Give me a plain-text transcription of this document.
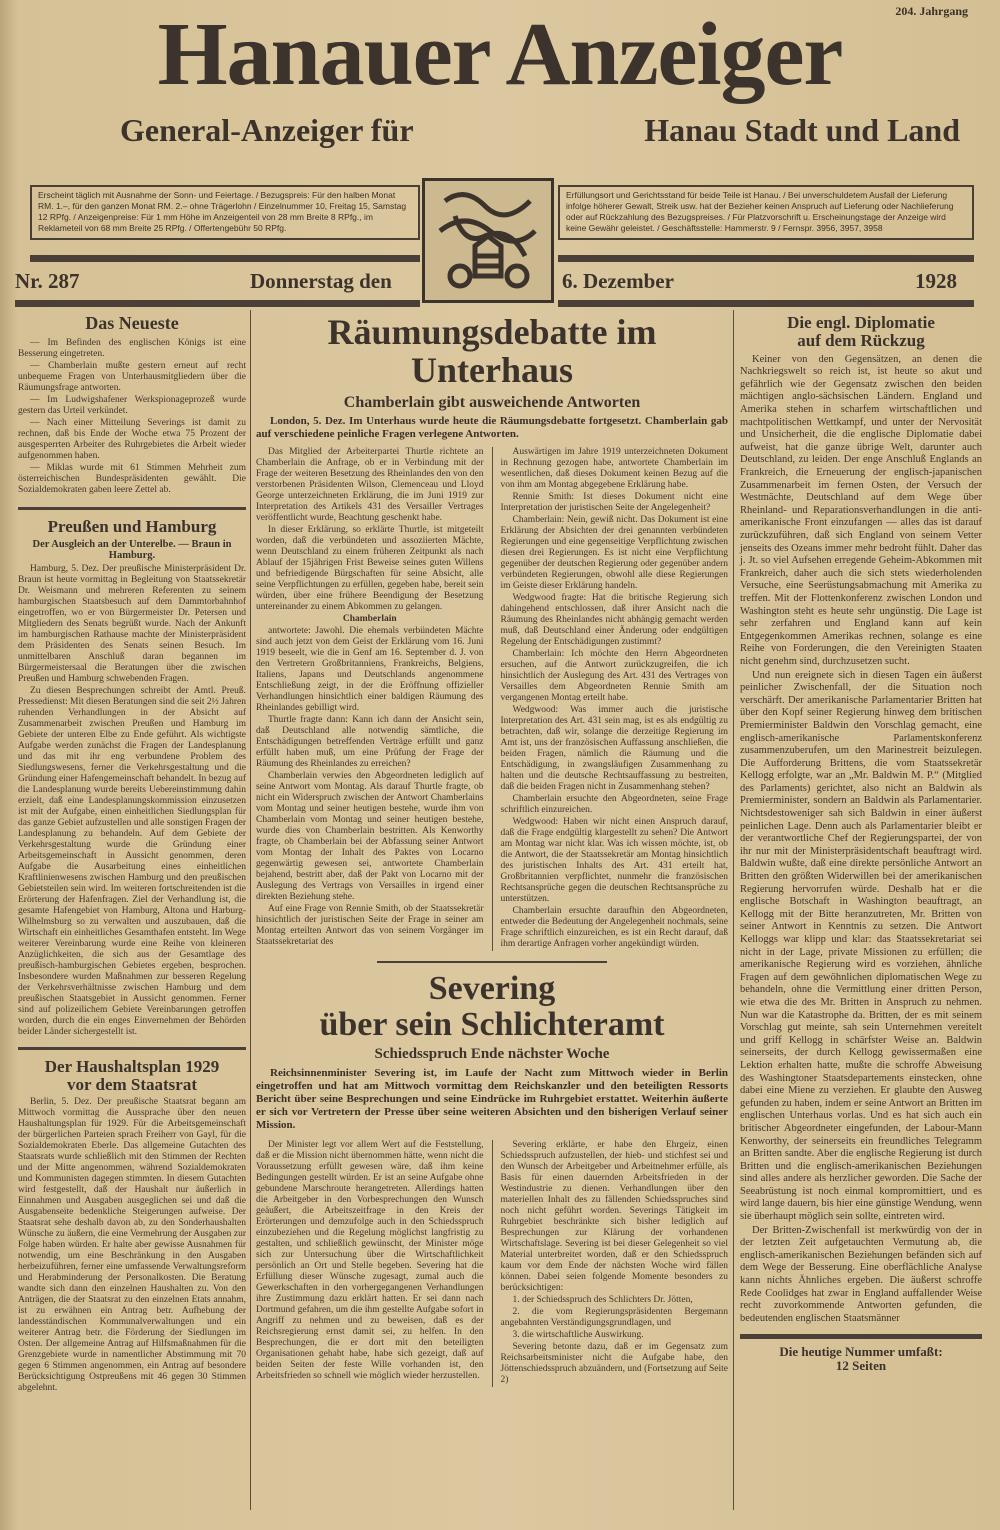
204. Jahrgang
Hanauer Anzeiger
General-Anzeiger für	Hanau Stadt und Land
Erscheint täglich mit Ausnahme der Sonn- und Feiertage. / Bezugspreis: Für den halben Monat RM. 1.–, für den ganzen Monat RM. 2.– ohne Trägerlohn / Einzelnummer 10, Freitag 15, Samstag 12 RPfg. / Anzeigenpreise: Für 1 mm Höhe im Anzeigenteil von 28 mm Breite 8 RPfg., im Reklameteil von 68 mm Breite 25 RPfg. / Offertengebühr 50 RPfg.
Erfüllungsort und Gerichtsstand für beide Teile ist Hanau. / Bei unverschuldetem Ausfall der Lieferung infolge höherer Gewalt, Streik usw. hat der Bezieher keinen Anspruch auf Lieferung oder Nachlieferung oder auf Rückzahlung des Bezugspreises. / Für Platzvorschrift u. Erscheinungstage der Anzeige wird keine Gewähr geleistet. / Geschäftsstelle: Hammerstr. 9 / Fernspr. 3956, 3957, 3958
Nr. 287	Donnerstag den	6. Dezember	1928
Das Neueste

— Im Befinden des englischen Königs ist eine Besserung eingetreten.

— Chamberlain mußte gestern erneut auf recht unbequeme Fragen von Unterhausmitgliedern über die Räumungsfrage antworten.

— Im Ludwigshafener Werkspionageprozeß wurde gestern das Urteil verkündet.

— Nach einer Mitteilung Severings ist damit zu rechnen, daß bis Ende der Woche etwa 75 Prozent der ausgesperrten Arbeiter des Ruhrgebietes die Arbeit wieder aufgenommen haben.

— Miklas wurde mit 61 Stimmen Mehrheit zum österreichischen Bundespräsidenten gewählt. Die Sozialdemokraten gaben leere Zettel ab.

Preußen und Hamburg
Der Ausgleich an der Unterelbe. — Braun in Hamburg.

Hamburg, 5. Dez. Der preußische Ministerpräsident Dr. Braun ist heute vormittag in Begleitung von Staatssekretär Dr. Weismann und mehreren Referenten zu seinem hamburgischen Staatsbesuch auf dem Dammtorbahnhof eingetroffen, wo er von Bürgermeister Dr. Petersen und Mitgliedern des Senats begrüßt wurde. Nach der Ankunft im hamburgischen Rathause machte der Ministerpräsident dem Präsidenten des Senats seinen Besuch. Im unmittelbaren Anschluß daran begannen im Bürgermeistersaal die Beratungen über die zwischen Preußen und Hamburg schwebenden Fragen.

Zu diesen Besprechungen schreibt der Amtl. Preuß. Pressedienst: Mit diesen Beratungen sind die seit 2½ Jahren ruhenden Verhandlungen in der Absicht auf Zusammenarbeit zwischen Preußen und Hamburg im Gebiete der unteren Elbe zu Ende geführt. Als wichtigste Aufgabe werden zunächst die Fragen der Landesplanung und das mit ihr eng verbundene Problem des Siedlungswesens, ferner die Verkehrsgestaltung und die Gründung einer Hafengemeinschaft behandelt. In bezug auf die Landesplanung wurde bereits Uebereinstimmung dahin erzielt, daß eine Landesplanungskommission einzusetzen ist mit der Aufgabe, einen einheitlichen Siedlungsplan für das ganze Gebiet aufzustellen und alle sonstigen Fragen der Landesplanung zu behandeln. Auf dem Gebiete der Verkehrsgestaltung wurde die Gründung einer Arbeitsgemeinschaft in Aussicht genommen, deren Aufgabe die Ausarbeitung eines einheitlichen Kraftlinienwesens zwischen Hamburg und den preußischen Gebietsteilen sein wird. Im weiteren fortschreitenden ist die Erörterung der Hafenfragen. Ziel der Verhandlung ist, die gesamte Hafengebiet von Hamburg, Altona und Harburg-Wilhelmsburg so zu verwalten und auszubauen, daß die Wirtschaft ein einheitliches Gesamthafen entsteht. Im Wege weiterer Vereinbarung wurde eine Reihe von kleineren Anzüglichkeiten, die sich aus der Gesamtlage des preußisch-hamburgischen Gebietes ergeben, besprochen. Insbesondere wurden Maßnahmen zur besseren Regelung der Verkehrsverhältnisse zwischen Hamburg und dem preußischen Staatsgebiet in Aussicht genommen. Ferner sind auf polizeilichem Gebiete Vereinbarungen getroffen worden, durch die ein enges Einvernehmen der Behörden beider Länder sichergestellt ist.

Der Haushaltsplan 1929
vor dem Staatsrat

Berlin, 5. Dez. Der preußische Staatsrat begann am Mittwoch vormittag die Aussprache über den neuen Haushaltungsplan für 1929. Für die Arbeitsgemeinschaft der bürgerlichen Parteien sprach Freiherr von Gayl, für die Sozialdemokraten Eberle. Das allgemeine Gutachten des Staatsrats wurde schließlich mit den Stimmen der Rechten und der Mitte angenommen, während Sozialdemokraten und Kommunisten dagegen stimmten. In diesem Gutachten wird festgestellt, daß der Haushalt nur äußerlich in Einnahmen und Ausgaben ausgeglichen sei und daß die Ausgabenseite bedenkliche Steigerungen aufweise. Der Staatsrat sehe deshalb davon ab, zu den Sonderhaushalten Wünsche zu äußern, die eine Vermehrung der Ausgaben zur Folge haben würden. Er halte aber gewisse Ausnahmen für notwendig, um eine Beschränkung in den Ausgaben herbeizuführen, ferner eine umfassende Verwaltungsreform und Herabminderung der Personalkosten. Die Beratung wandte sich dann den einzelnen Haushalten zu. Von den Anträgen, die der Staatsrat zu den einzelnen Etats annahm, ist zu erwähnen ein Antrag betr. Aufhebung der landesständischen Kommunalverwaltungen und ein weiterer Antrag betr. die Förderung der Siedlungen im Osten. Der allgemeine Antrag auf Hilfsmaßnahmen für die Grenzgebiete wurde in namentlicher Abstimmung mit 70 gegen 6 Stimmen angenommen, ein Antrag auf besondere Berücksichtigung Ostpreußens mit 46 gegen 30 Stimmen abgelehnt.

Räumungsdebatte im
Unterhaus
Chamberlain gibt ausweichende Antworten
London, 5. Dez. Im Unterhaus wurde heute die Räumungsdebatte fortgesetzt. Chamberlain gab auf verschiedene peinliche Fragen verlegene Antworten.

Das Mitglied der Arbeiterpartei Thurtle richtete an Chamberlain die Anfrage, ob er in Verbindung mit der Frage der weiteren Besetzung des Rheinlandes den von den verstorbenen Präsidenten Wilson, Clemenceau und Lloyd George unterzeichneten Erklärung, die im Juni 1919 zur Interpretation des Artikels 431 des Versailler Vertrages veröffentlicht wurde, Beachtung geschenkt habe.

In dieser Erklärung, so erklärte Thurtle, ist mitgeteilt worden, daß die verbündeten und assoziierten Mächte, wenn Deutschland zu einem früheren Zeitpunkt als nach Ablauf der 15jährigen Frist Beweise seines guten Willens und befriedigende Bürgschaften für seine Absicht, alle seine Verpflichtungen zu erfüllen, gegeben habe, bereit sein würden, über eine frühere Beendigung der Besetzung untereinander zu einem Abkommen zu gelangen.

Chamberlain

antwortete: Jawohl. Die ehemals verbündeten Mächte sind auch jetzt von dem Geist der Erklärung vom 16. Juni 1919 beseelt, wie die in Genf am 16. September d. J. von den Vertretern Großbritanniens, Frankreichs, Belgiens, Italiens, Japans und Deutschlands angenommene Entschließung zeigt, in der die Eröffnung offizieller Verhandlungen hinsichtlich einer baldigen Räumung des Rheinlandes gebilligt wird.

Thurtle fragte dann: Kann ich dann der Ansicht sein, daß Deutschland alle notwendig sämtliche, die Entschädigungen betreffenden Verträge erfüllt und ganz erfüllt haben muß, um eine Prüfung der Frage der Räumung des Rheinlandes zu erreichen?

Chamberlain verwies den Abgeordneten lediglich auf seine Antwort vom Montag. Als darauf Thurtle fragte, ob nicht ein Widerspruch zwischen der Antwort Chamberlains vom Montag und seiner heutigen bestehe, wurde ihm von Chamberlain vom Montag und seiner heutigen bestehe, wurde dies von Chamberlain bestritten. Als Kenworthy fragte, ob Chamberlain bei der Abfassung seiner Antwort vom Montag der Inhalt des Paktes von Locarno gegenwärtig gewesen sei, antwortete Chamberlain bejahend, bestritt aber, daß der Pakt von Locarno mit der Auslegung des Vertrags von Versailles in irgend einer direkten Beziehung stehe.

Auf eine Frage von Rennie Smith, ob der Staatssekretär hinsichtlich der juristischen Seite der Frage in seiner am Montag erteilten Antwort das von seinem Vorgänger im Staatssekretariat des

Auswärtigen im Jahre 1919 unterzeichneten Dokument in Rechnung gezogen habe, antwortete Chamberlain im wesentlichen, daß dieses Dokument keinen Bezug auf die von ihm am Montag abgegebene Erklärung habe.

Rennie Smith: Ist dieses Dokument nicht eine Interpretation der juristischen Seite der Angelegenheit?

Chamberlain: Nein, gewiß nicht. Das Dokument ist eine Erklärung der Absichten der drei genannten verbündeten Regierungen und eine gegenseitige Verpflichtung zwischen diesen drei Regierungen. Es ist nicht eine Verpflichtung gegenüber der deutschen Regierung oder gegenüber andern verbündeten Regierungen, obwohl alle diese Regierungen im Geiste dieser Erklärung handeln.

Wedgwood fragte: Hat die britische Regierung sich dahingehend entschlossen, daß ihrer Ansicht nach die Räumung des Rheinlandes nicht abhängig gemacht werden muß, daß Deutschland einer Änderung oder endgültigen Regelung der Entschädigungen zustimmt?

Chamberlain: Ich möchte den Herrn Abgeordneten ersuchen, auf die Antwort zurückzugreifen, die ich hinsichtlich der Auslegung des Art. 431 des Vertrages von Versailles dem Abgeordneten Rennie Smith am vergangenen Montag erteilt habe.

Wedgwood: Was immer auch die juristische Interpretation des Art. 431 sein mag, ist es als endgültig zu betrachten, daß wir, solange die derzeitige Regierung im Amt ist, uns der französischen Auffassung anschließen, die beiden Fragen, nämlich die Räumung und die Entschädigung, in zwangsläufigen Zusammenhang zu halten und die deutsche Rechtsauffassung zu bestreiten, daß die beiden Fragen nicht in Zusammenhang stehen?

Chamberlain ersuchte den Abgeordneten, seine Frage schriftlich einzureichen.

Wedgwood: Haben wir nicht einen Anspruch darauf, daß die Frage endgültig klargestellt zu sehen? Die Antwort am Montag war nicht klar. Was ich wissen möchte, ist, ob die Antwort, die der Staatssekretär am Montag hinsichtlich des juristischen Inhalts des Art. 431 erteilt hat, Großbritannien verpflichtet, nunmehr die französischen Rechtsansprüche gegen die deutschen Rechtsansprüche zu unterstützen.

Chamberlain ersuchte daraufhin den Abgeordneten, entweder die Bedeutung der Angelegenheit nochmals, seine Frage schriftlich einzureichen, es ist ein Recht darauf, daß ihm derartige Anfragen vorher angekündigt würden.

Severing
über sein Schlichteramt
Schiedsspruch Ende nächster Woche
Reichsinnenminister Severing ist, im Laufe der Nacht zum Mittwoch wieder in Berlin eingetroffen und hat am Mittwoch vormittag dem Reichskanzler und den beteiligten Ressorts Bericht über seine Besprechungen und seine Eindrücke im Ruhrgebiet erstattet. Weiterhin äußerte er sich vor Vertretern der Presse über seine weiteren Absichten und den bisherigen Verlauf seiner Mission.

Der Minister legt vor allem Wert auf die Feststellung, daß er die Mission nicht übernommen hätte, wenn nicht die Voraussetzung erfüllt gewesen wäre, daß ihm keine Bedingungen gestellt würden. Er ist an seine Aufgabe ohne gebundene Marschroute herangetreten. Allerdings hatten die Arbeitgeber in den Vorbesprechungen den Wunsch geäußert, die Arbeitszeitfrage in den Kreis der Erörterungen und demzufolge auch in den Schiedsspruch einzubeziehen und die Regelung möglichst langfristig zu gestalten, und schließlich gewünscht, der Minister möge sich zur Untersuchung über die Wirtschaftlichkeit persönlich an Ort und Stelle begeben. Severing hat die Erfüllung dieser Wünsche zugesagt, zumal auch die Gewerkschaften in den vorhergegangenen Verhandlungen ihre Zustimmung dazu erklärt hatten. Er sei dann nach Dortmund gefahren, um die ihm gestellte Aufgabe sofort in Angriff zu nehmen und zu beweisen, daß es der Reichsregierung ernst damit sei, zu helfen. In den Besprechungen, die er dort mit den beteiligten Organisationen gehabt habe, habe sich gezeigt, daß auf beiden Seiten der feste Wille vorhanden ist, den Arbeitsfrieden so schnell wie möglich wieder herzustellen.

Severing erklärte, er habe den Ehrgeiz, einen Schiedsspruch aufzustellen, der hieb- und stichfest sei und den Wunsch der Arbeitgeber und Arbeitnehmer erfülle, als Basis für einen dauernden Arbeitsfrieden in der Westindustrie zu dienen. Verhandlungen über den materiellen Inhalt des zu fällenden Schiedsspruches sind noch nicht geführt worden. Severings Tätigkeit im Ruhrgebiet beschränkte sich bisher lediglich auf Besprechungen zur Klärung der vorhandenen Wirtschaftslage. Severing ist bei dieser Gelegenheit so viel Material unterbreitet worden, daß er den Schiedsspruch kaum vor dem Ende der nächsten Woche wird fällen können. Dabei seien folgende Momente besonders zu berücksichtigen:

1. der Schiedsspruch des Schlichters Dr. Jötten,

2. die vom Regierungspräsidenten Bergemann angebahnten Verständigungsgrundlagen, und

3. die wirtschaftliche Auswirkung.

Severing betonte dazu, daß er im Gegensatz zum Reichsarbeitsminister nicht die Aufgabe habe, den Jöttenschiedsspruch abzuändern, und (Fortsetzung auf Seite 2)

Die engl. Diplomatie
auf dem Rückzug

Keiner von den Gegensätzen, an denen die Nachkriegswelt so reich ist, ist heute so akut und gefährlich wie der Gegensatz zwischen den beiden mächtigen anglo-sächsischen Ländern. England und Amerika stehen in scharfem wirtschaftlichen und machtpolitischen Wettkampf, und unter der Nervosität und Unsicherheit, die die englische Diplomatie dabei aufweist, hat die ganze übrige Welt, darunter auch Deutschland, zu leiden. Der enge Anschluß Englands an Frankreich, die Erneuerung der englisch-japanischen Zusammenarbeit im fernen Osten, der Versuch der Westmächte, Deutschland auf dem Wege über Rheinland- und Reparationsverhandlungen in die anti-amerikanische Front einzufangen — alles das ist darauf zurückzuführen, daß sich England von seinem Vetter jenseits des Ozeans immer mehr bedroht fühlt. Daher das j. Jt. so viel Aufsehen erregende Geheim-Abkommen mit Frankreich, daher auch die sich stets wiederholenden Versuche, eine Seerüstungsabmachung mit Amerika zu treffen. Mit der Flottenkonferenz zwischen London und Washington steht es heute sehr ungünstig. Die Lage ist sehr zerfahren und England kann auf kein Entgegenkommen Amerikas rechnen, solange es eine Reihe von Forderungen, die den Vereinigten Staaten nicht genehm sind, durchzusetzen sucht.

Und nun ereignete sich in diesen Tagen ein äußerst peinlicher Zwischenfall, der die Situation noch verschärft. Der amerikanische Parlamentarier Britten hat über den Kopf seiner Regierung hinweg dem britischen Premierminister Baldwin den Vorschlag gemacht, eine englisch-amerikanische Parlamentskonferenz zusammenzuberufen, um den Marinestreit beizulegen. Die Aufforderung Brittens, die vom Staatssekretär Kellogg erfolgte, war an „Mr. Baldwin M. P.“ (Mitglied des Parlaments) gerichtet, also nicht an Baldwin als Premierminister, sondern an Baldwin als Parlamentarier. Nichtsdestoweniger sah sich Baldwin in einer äußerst peinlichen Lage. Denn auch als Parlamentarier bleibt er der verantwortliche Chef der Regierungspartei, der von ihr nur mit der Ministerpräsidentschaft beauftragt wird. Baldwin wußte, daß eine direkte persönliche Antwort an Britten den größten Widerwillen bei der amerikanischen Regierung hervorrufen würde. Deshalb hat er die englische Botschaft in Washington beauftragt, an Kellogg mit der Bitte heranzutreten, Mr. Britten von seiner Antwort in Kenntnis zu setzen. Die Antwort Kelloggs war klipp und klar: das Staatssekretariat sei nicht in der Lage, private Missionen zu erfüllen; die amerikanische Regierung wird es vorziehen, ähnliche Fragen auf dem gewöhnlichen diplomatischen Wege zu behandeln, ohne die Vermittlung einer dritten Person, wie etwa die des Mr. Britten in Anspruch zu nehmen. Nun war die Katastrophe da. Britten, der es mit seinem Vorschlag gut meinte, sah sein Unternehmen vereitelt und griff Kellogg in schärfster Weise an. Baldwin seinerseits, der durch Kellogg gewissermaßen eine Lektion erhalten hatte, mußte die schroffe Abweisung des Washingtoner Staatsdepartements einstecken, ohne dabei eine Miene zu verziehen. Er glaubte den Ausweg gefunden zu haben, indem er seine Antwort an Britten im englischen Unterhaus vorlas. Und es hat sich auch ein britischer Abgeordneter eingefunden, der Labour-Mann Kenworthy, der seinerseits ein freundliches Telegramm an Britten sandte. Aber die englische Regierung ist durch Britten und die englisch-amerikanischen Beziehungen sind alles andere als herzlicher geworden. Die Sache der Seeabrüstung ist noch einmal kompromittiert, und es wird lange dauern, bis hier eine günstige Wendung, wenn sie überhaupt möglich sein sollte, eintreten wird.

Der Britten-Zwischenfall ist merkwürdig von der in der letzten Zeit aufgetauchten Vermutung ab, die englisch-amerikanischen Beziehungen befänden sich auf dem Wege der Besserung. Eine oberflächliche Analyse kann nichts Ähnliches ergeben. Die äußerst schroffe Rede Coolidges hat zwar in England auffallender Weise recht zuvorkommende Antworten gefunden, die bedeutenden englischen Staatsmänner

Die heutige Nummer umfaßt:
12 Seiten
